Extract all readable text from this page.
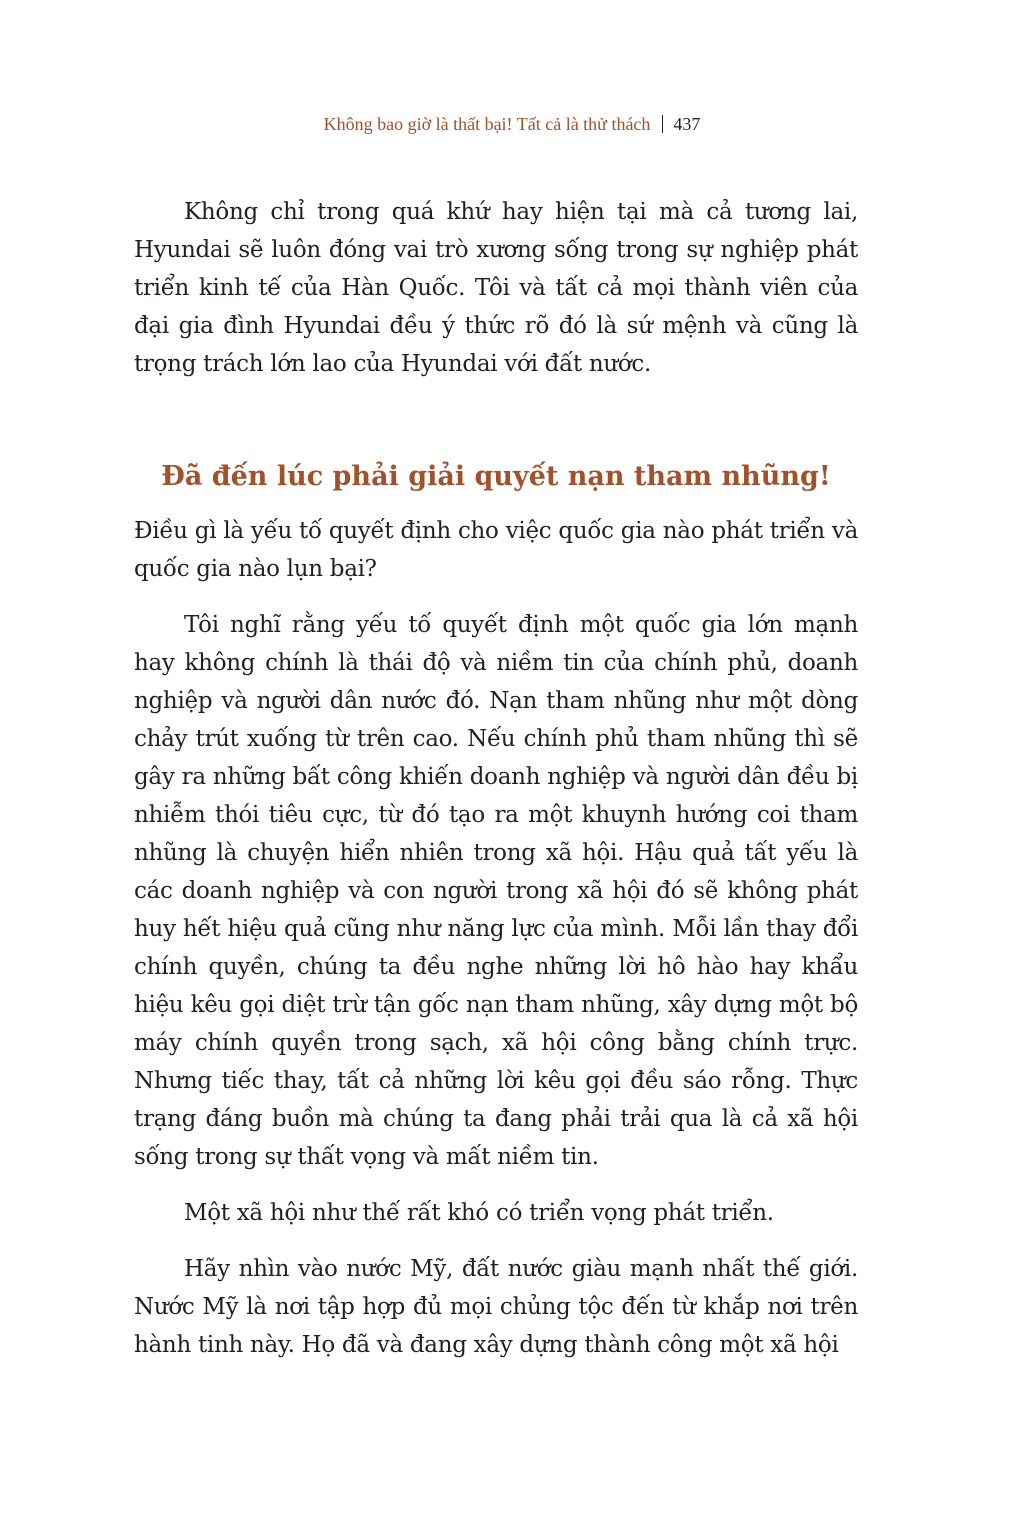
Không bao giờ là thất bại! Tất cả là thử thách 437

Không chỉ trong quá khứ hay hiện tại mà cả tương lai, Hyundai sẽ luôn đóng vai trò xương sống trong sự nghiệp phát triển kinh tế của Hàn Quốc. Tôi và tất cả mọi thành viên của đại gia đình Hyundai đều ý thức rõ đó là sứ mệnh và cũng là trọng trách lớn lao của Hyundai với đất nước.

Đã đến lúc phải giải quyết nạn tham nhũng!

Điều gì là yếu tố quyết định cho việc quốc gia nào phát triển và quốc gia nào lụn bại?

Tôi nghĩ rằng yếu tố quyết định một quốc gia lớn mạnh hay không chính là thái độ và niềm tin của chính phủ, doanh nghiệp và người dân nước đó. Nạn tham nhũng như một dòng chảy trút xuống từ trên cao. Nếu chính phủ tham nhũng thì sẽ gây ra những bất công khiến doanh nghiệp và người dân đều bị nhiễm thói tiêu cực, từ đó tạo ra một khuynh hướng coi tham nhũng là chuyện hiển nhiên trong xã hội. Hậu quả tất yếu là các doanh nghiệp và con người trong xã hội đó sẽ không phát huy hết hiệu quả cũng như năng lực của mình. Mỗi lần thay đổi chính quyền, chúng ta đều nghe những lời hô hào hay khẩu hiệu kêu gọi diệt trừ tận gốc nạn tham nhũng, xây dựng một bộ máy chính quyền trong sạch, xã hội công bằng chính trực. Nhưng tiếc thay, tất cả những lời kêu gọi đều sáo rỗng. Thực trạng đáng buồn mà chúng ta đang phải trải qua là cả xã hội sống trong sự thất vọng và mất niềm tin.

Một xã hội như thế rất khó có triển vọng phát triển.

Hãy nhìn vào nước Mỹ, đất nước giàu mạnh nhất thế giới. Nước Mỹ là nơi tập hợp đủ mọi chủng tộc đến từ khắp nơi trên hành tinh này. Họ đã và đang xây dựng thành công một xã hội
